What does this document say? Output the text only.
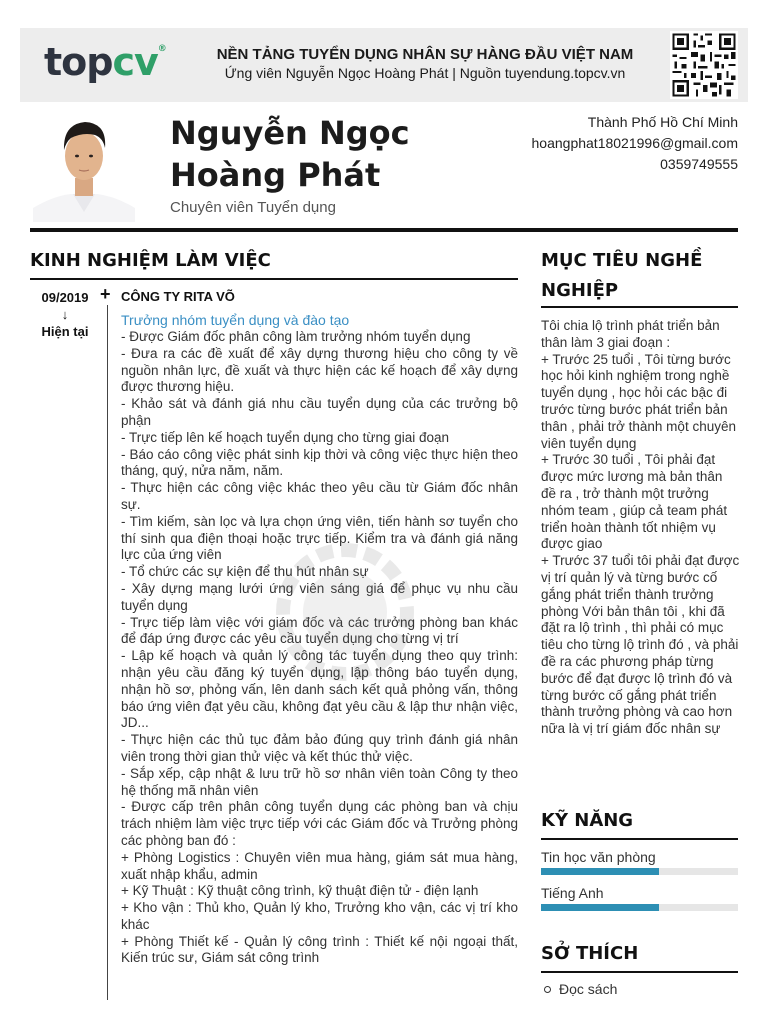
topcv®	NỀN TẢNG TUYỂN DỤNG NHÂN SỰ HÀNG ĐẦU VIỆT NAM
Ứng viên Nguyễn Ngọc Hoàng Phát | Nguồn tuyendung.topcv.vn
Nguyễn Ngọc Hoàng Phát
Chuyên viên Tuyển dụng
Thành Phố Hồ Chí Minh
hoangphat18021996@gmail.com
0359749555
KINH NGHIỆM LÀM VIỆC
09/2019
↓
Hiện tại
+ CÔNG TY RITA VÕ
Trưởng nhóm tuyển dụng và đào tạo

- Được Giám đốc phân công làm trưởng nhóm tuyển dụng

- Đưa ra các đề xuất để xây dựng thương hiệu cho công ty về nguồn nhân lực, đề xuất và thực hiện các kế hoạch để xây dựng được thương hiệu.

- Khảo sát và đánh giá nhu cầu tuyển dụng của các trưởng bộ phận

- Trực tiếp lên kế hoạch tuyển dụng cho từng giai đoạn

- Báo cáo công việc phát sinh kịp thời và công việc thực hiện theo tháng, quý, nửa năm, năm.

- Thực hiện các công việc khác theo yêu cầu từ Giám đốc nhân sự.

- Tìm kiếm, sàn lọc và lựa chọn ứng viên, tiến hành sơ tuyển cho thí sinh qua điện thoại hoặc trực tiếp. Kiểm tra và đánh giá năng lực của ứng viên

- Tổ chức các sự kiện để thu hút nhân sự

- Xây dựng mạng lưới ứng viên sáng giá để phục vụ nhu cầu tuyển dụng

- Trực tiếp làm việc với giám đốc và các trưởng phòng ban khác để đáp ứng được các yêu cầu tuyển dụng cho từng vị trí

- Lập kế hoạch và quản lý công tác tuyển dụng theo quy trình: nhận yêu cầu đăng ký tuyển dụng, lập thông báo tuyển dụng, nhận hồ sơ, phỏng vấn, lên danh sách kết quả phỏng vấn, thông báo ứng viên đạt yêu cầu, không đạt yêu cầu & lập thư nhận việc, JD...

- Thực hiện các thủ tục đảm bảo đúng quy trình đánh giá nhân viên trong thời gian thử việc và kết thúc thử việc.

- Sắp xếp, cập nhật & lưu trữ hồ sơ nhân viên toàn Công ty theo hệ thống mã nhân viên

- Được cấp trên phân công tuyển dụng các phòng ban và chịu trách nhiệm làm việc trực tiếp với các Giám đốc và Trưởng phòng các phòng ban đó :

+ Phòng Logistics : Chuyên viên mua hàng, giám sát mua hàng, xuất nhập khẩu, admin

+ Kỹ Thuật : Kỹ thuật công trình, kỹ thuật điện tử - điện lạnh

+ Kho vận : Thủ kho, Quản lý kho, Trưởng kho vận, các vị trí kho khác

+ Phòng Thiết kế - Quản lý công trình : Thiết kế nội ngoại thất, Kiến trúc sư, Giám sát công trình

MỤC TIÊU NGHỀ NGHIỆP
Tôi chia lộ trình phát triển bản thân làm 3 giai đoạn :
+ Trước 25 tuổi , Tôi từng bước học hỏi kinh nghiệm trong nghề tuyển dụng , học hỏi các bậc đi trước từng bước phát triển bản thân , phải trở thành một chuyên viên tuyển dụng
+ Trước 30 tuổi , Tôi phải đạt được mức lương mà bản thân đề ra , trở thành một trưởng nhóm team , giúp cả team phát triển hoàn thành tốt nhiệm vụ được giao
+ Trước 37 tuổi tôi phải đạt được vị trí quản lý và từng bước cố gắng phát triển thành trưởng phòng Với bản thân tôi , khi đã đặt ra lộ trình , thì phải có mục tiêu cho từng lộ trình đó , và phải đề ra các phương pháp từng bước để đạt được lộ trình đó và từng bước cố gắng phát triển thành trưởng phòng và cao hơn nữa là vị trí giám đốc nhân sự
KỸ NĂNG
Tin học văn phòng
Tiếng Anh
SỞ THÍCH
Đọc sách
